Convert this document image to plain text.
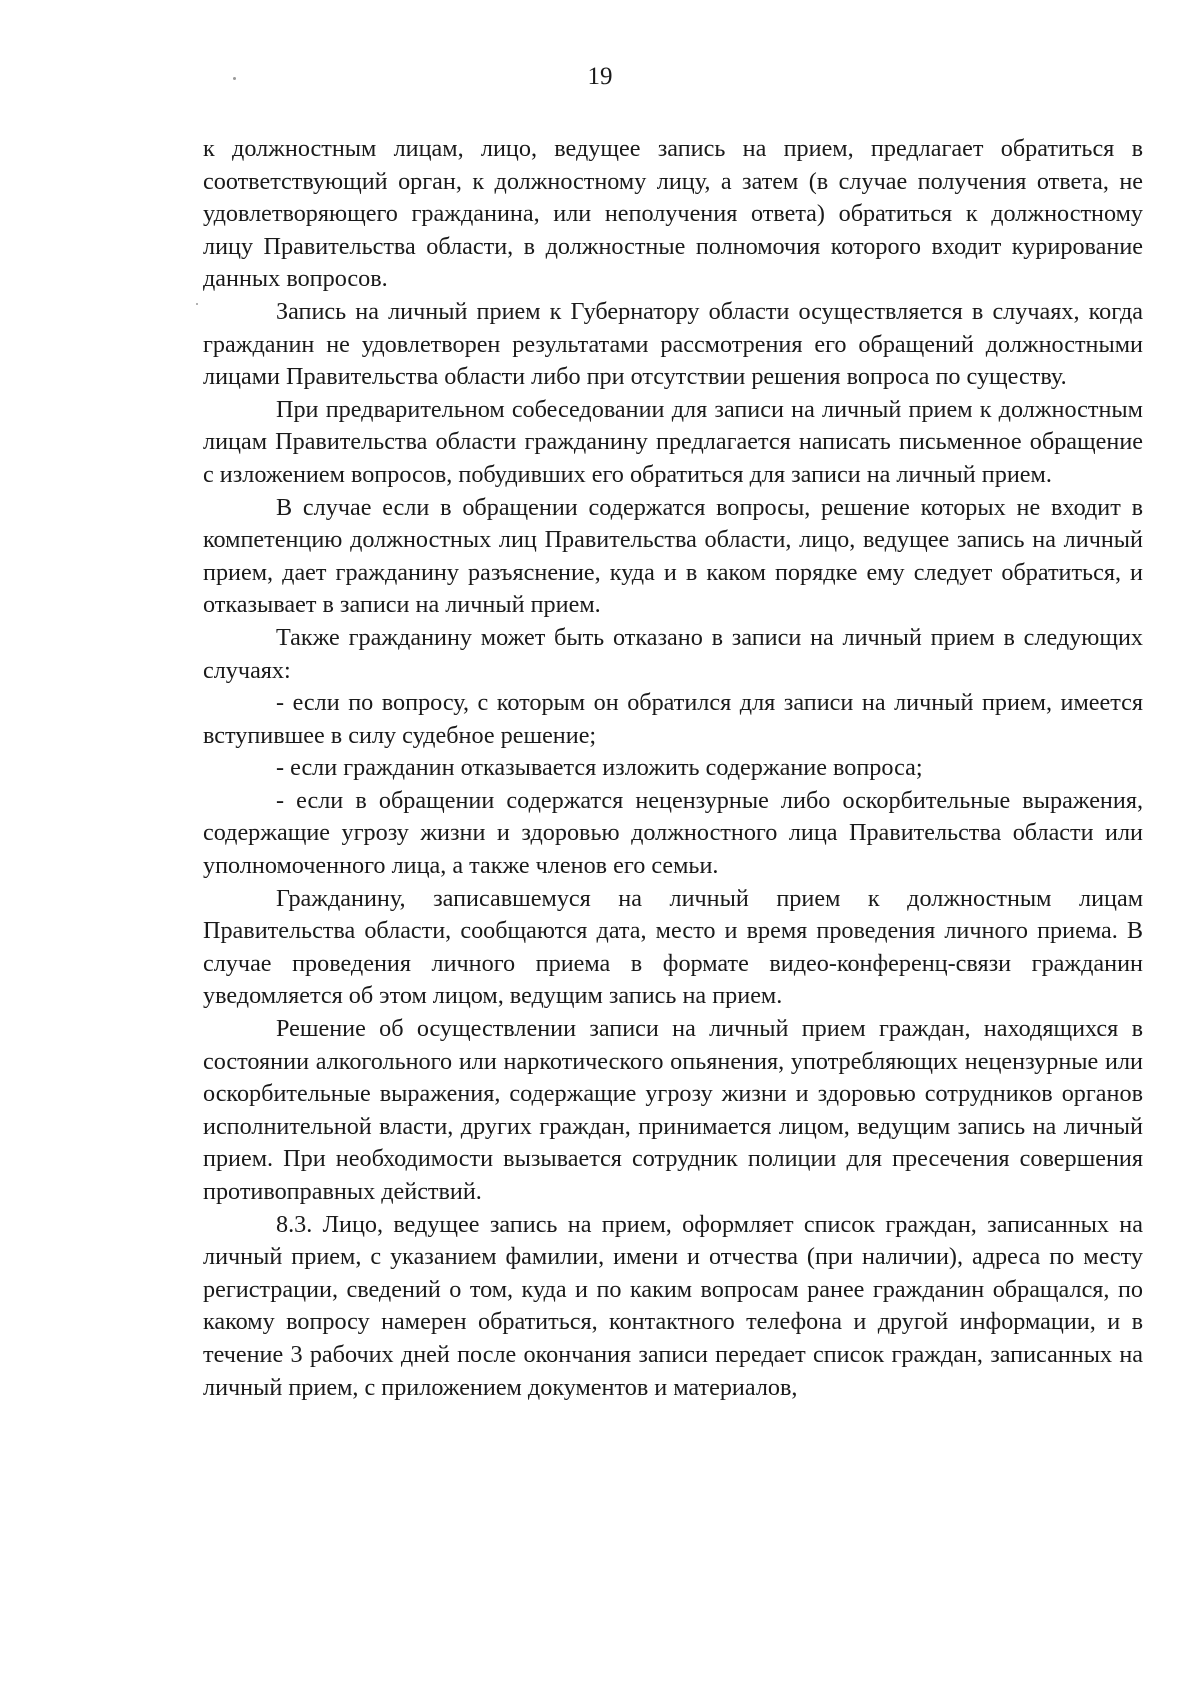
19

к должностным лицам, лицо, ведущее запись на прием, предлагает обратиться в соответствующий орган, к должностному лицу, а затем (в случае получения ответа, не удовлетворяющего гражданина, или неполучения ответа) обратиться к должностному лицу Правительства области, в должностные полномочия которого входит курирование данных вопросов.

Запись на личный прием к Губернатору области осуществляется в случаях, когда гражданин не удовлетворен результатами рассмотрения его обращений должностными лицами Правительства области либо при отсутствии решения вопроса по существу.

При предварительном собеседовании для записи на личный прием к должностным лицам Правительства области гражданину предлагается написать письменное обращение с изложением вопросов, побудивших его обратиться для записи на личный прием.

В случае если в обращении содержатся вопросы, решение которых не входит в компетенцию должностных лиц Правительства области, лицо, ведущее запись на личный прием, дает гражданину разъяснение, куда и в каком порядке ему следует обратиться, и отказывает в записи на личный прием.

Также гражданину может быть отказано в записи на личный прием в следующих случаях:

- если по вопросу, с которым он обратился для записи на личный прием, имеется вступившее в силу судебное решение;

- если гражданин отказывается изложить содержание вопроса;

- если в обращении содержатся нецензурные либо оскорбительные выражения, содержащие угрозу жизни и здоровью должностного лица Правительства области или уполномоченного лица, а также членов его семьи.

Гражданину, записавшемуся на личный прием к должностным лицам Правительства области, сообщаются дата, место и время проведения личного приема. В случае проведения личного приема в формате видео-конференц-связи гражданин уведомляется об этом лицом, ведущим запись на прием.

Решение об осуществлении записи на личный прием граждан, находящихся в состоянии алкогольного или наркотического опьянения, употребляющих нецензурные или оскорбительные выражения, содержащие угрозу жизни и здоровью сотрудников органов исполнительной власти, других граждан, принимается лицом, ведущим запись на личный прием. При необходимости вызывается сотрудник полиции для пресечения совершения противоправных действий.

8.3. Лицо, ведущее запись на прием, оформляет список граждан, записанных на личный прием, с указанием фамилии, имени и отчества (при наличии), адреса по месту регистрации, сведений о том, куда и по каким вопросам ранее гражданин обращался, по какому вопросу намерен обратиться, контактного телефона и другой информации, и в течение 3 рабочих дней после окончания записи передает список граждан, записанных на личный прием, с приложением документов и материалов,
